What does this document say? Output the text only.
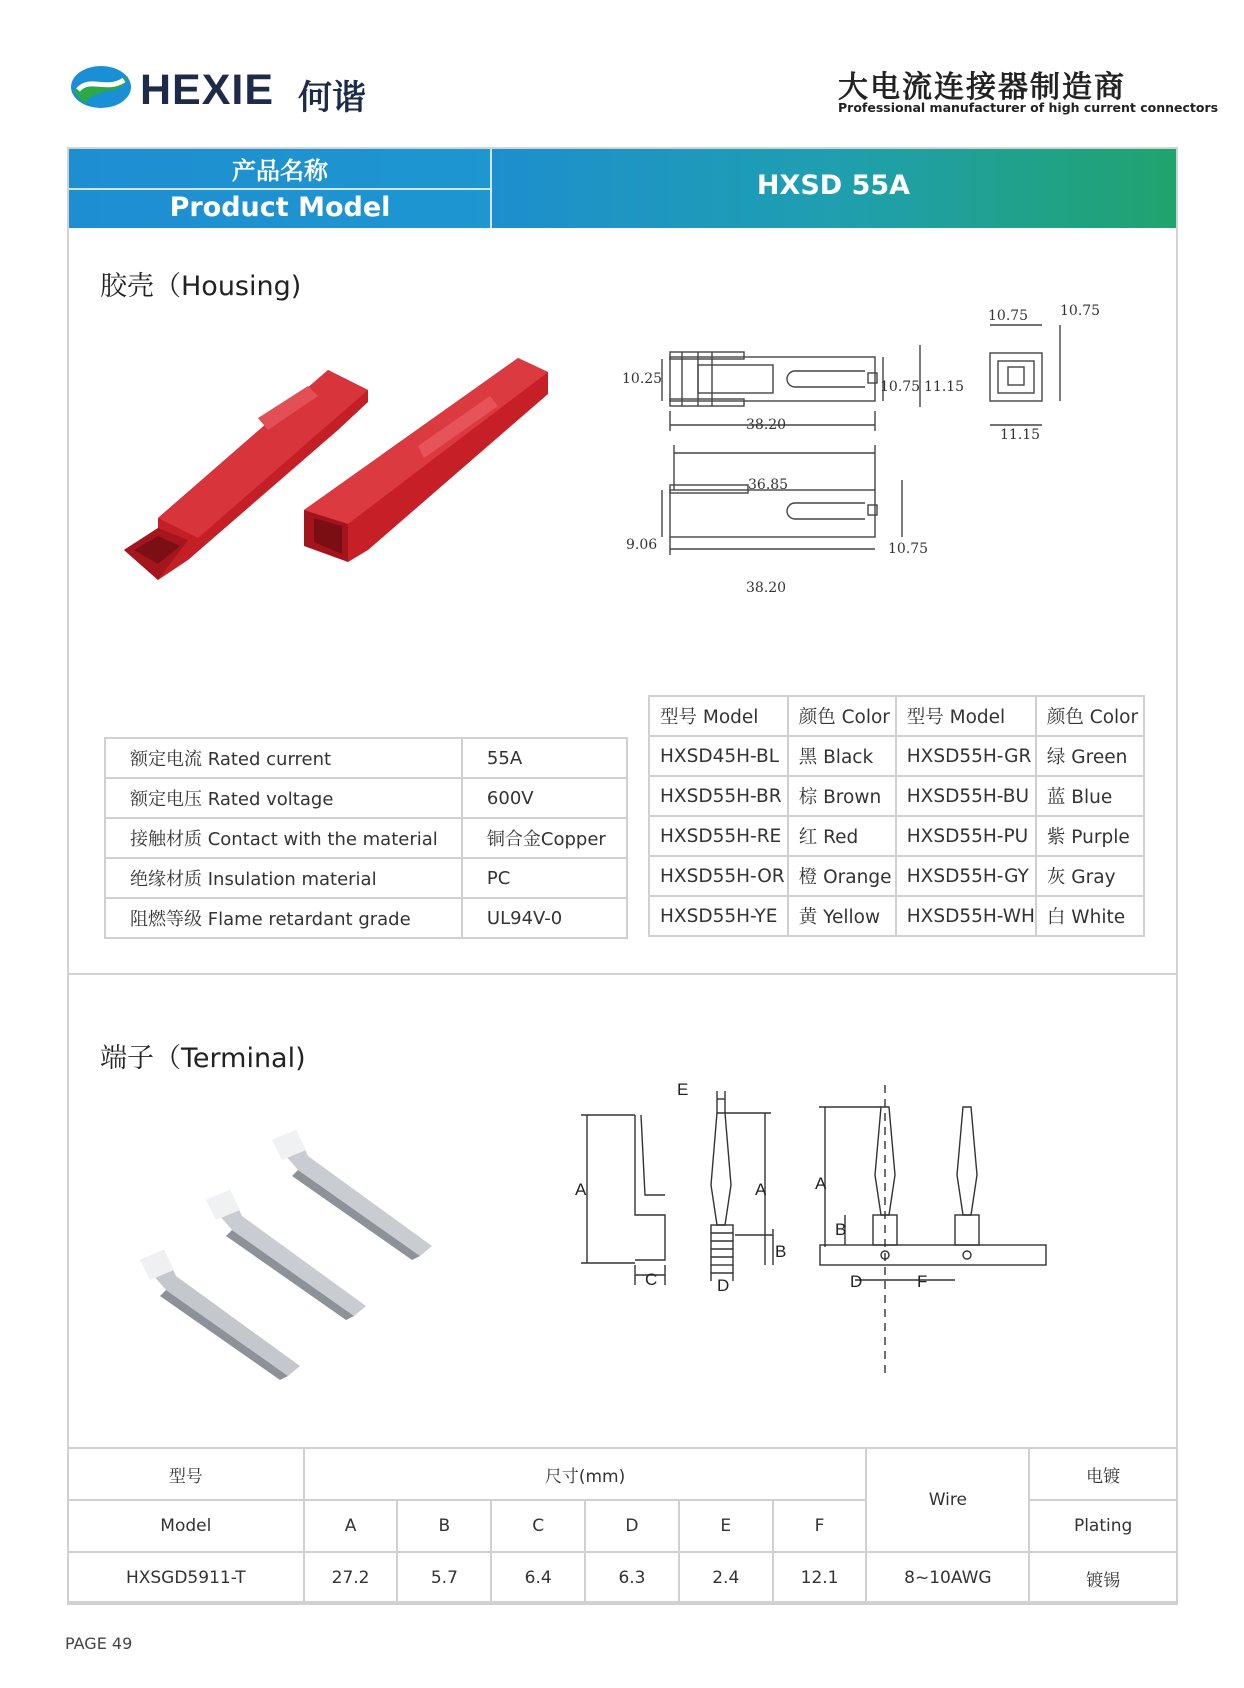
HEXIE 何谐	大电流连接器制造商
Professional manufacturer of high current connectors
产品名称
Product Model
HXSD 55A
胶壳（Housing)
10.75 10.75
10.25	10.75 11.15
38.20
11.15
36.85
9.06	10.75
38.20
额定电流 Rated current	55A
额定电压 Rated voltage	600V
接触材质 Contact with the material	铜合金Copper
绝缘材质 Insulation material	PC
阻燃等级 Flame retardant grade	UL94V-0
型号 Model	颜色 Color	型号 Model	颜色 Color
HXSD45H-BL	黑 Black	HXSD55H-GR	绿 Green
HXSD55H-BR	棕 Brown	HXSD55H-BU	蓝 Blue
HXSD55H-RE	红 Red	HXSD55H-PU	紫 Purple
HXSD55H-OR	橙 Orange	HXSD55H-GY	灰 Gray
HXSD55H-YE	黄 Yellow	HXSD55H-WH	白 White
端子（Terminal)
A
C
E
A
B
D
A
B
D	F
型号	尺寸(mm)						Wire	电镀
Model	A	B	C	D	E	F		Plating
HXSGD5911-T	27.2	5.7	6.4	6.3	2.4	12.1	8~10AWG	镀锡
PAGE 49
